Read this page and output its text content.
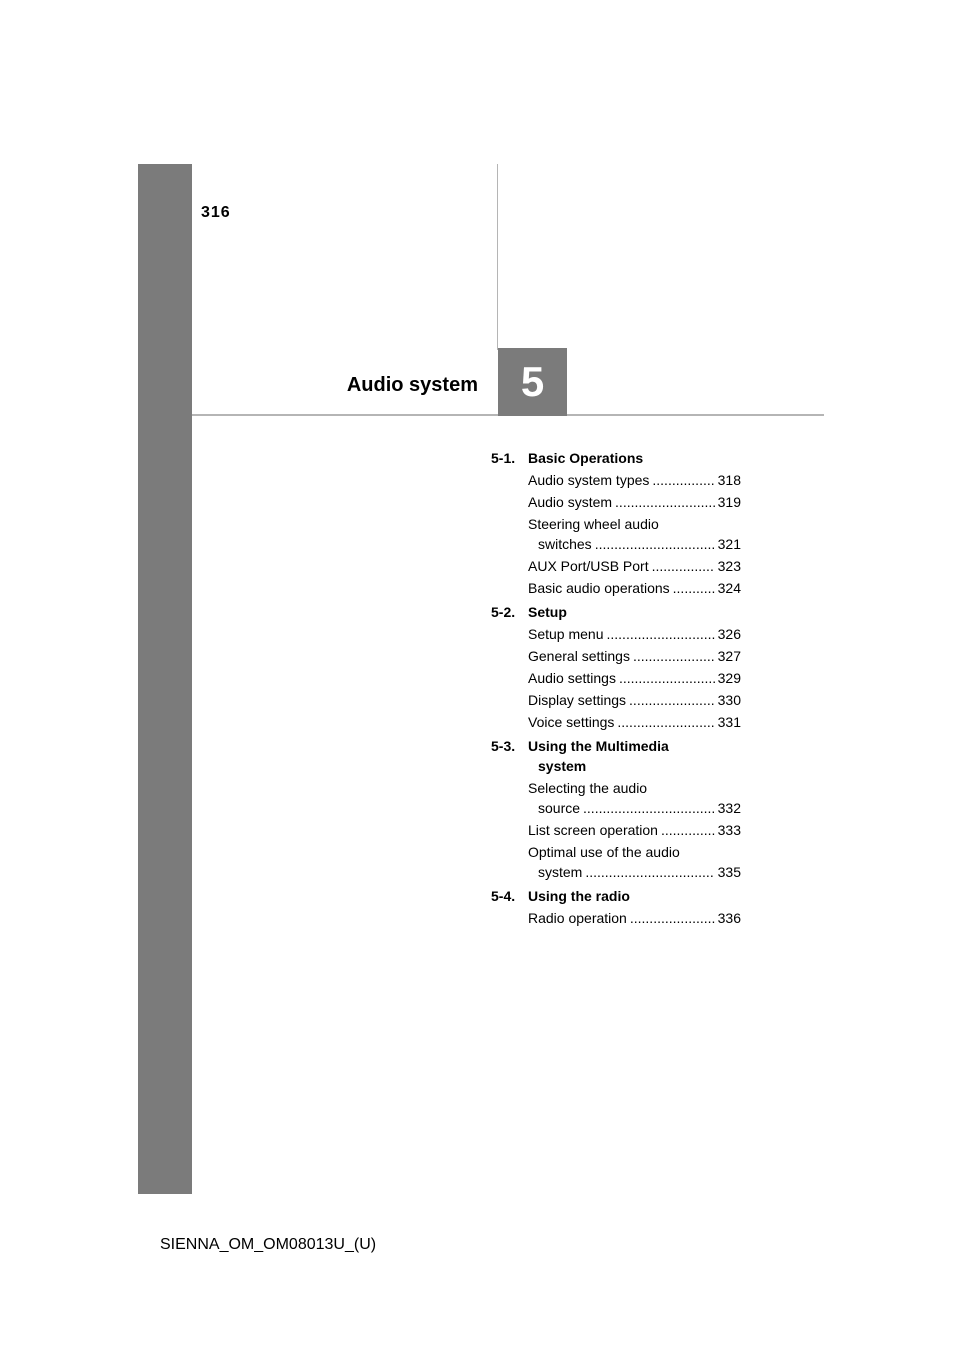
316
Audio system 5
5-1. Basic Operations
Audio system types .....	318
Audio system .....	319
Steering wheel audio
switches .....	321
AUX Port/USB Port .....	323
Basic audio operations .....	324
5-2. Setup
Setup menu .....	326
General settings .....	327
Audio settings .....	329
Display settings .....	330
Voice settings .....	331
5-3. Using the Multimedia
system
Selecting the audio
source .....	332
List screen operation .....	333
Optimal use of the audio
system .....	335
5-4. Using the radio
Radio operation .....	336
SIENNA_OM_OM08013U_(U)
